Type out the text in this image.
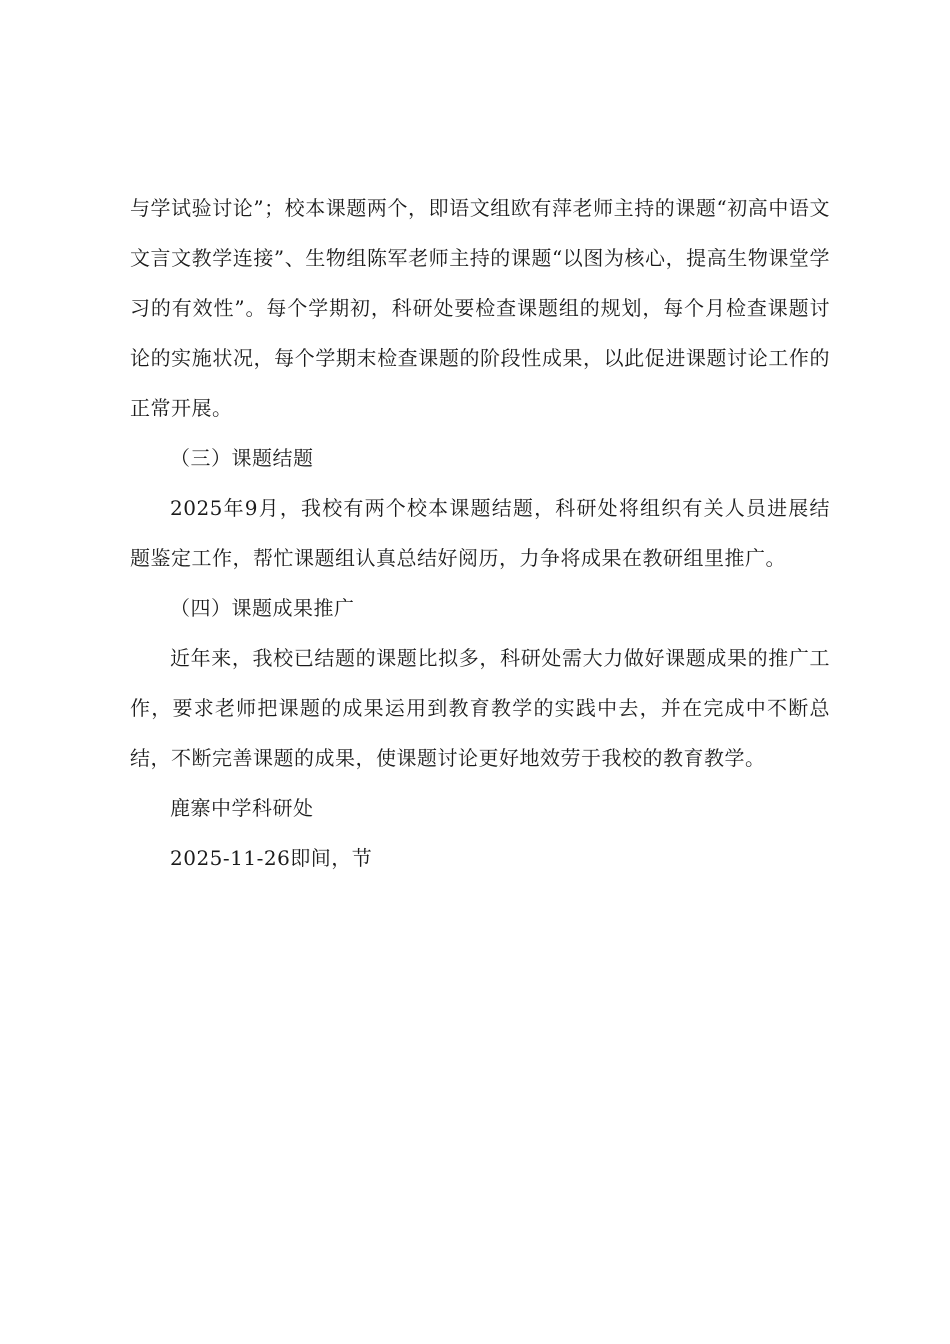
与学试验讨论”；校本课题两个，即语文组欧有萍老师主持的课题“初高中语文文言文教学连接”、生物组陈军老师主持的课题“以图为核心，提高生物课堂学习的有效性”。每个学期初，科研处要检查课题组的规划，每个月检查课题讨论的实施状况，每个学期末检查课题的阶段性成果，以此促进课题讨论工作的正常开展。

（三）课题结题

2025年9月，我校有两个校本课题结题，科研处将组织有关人员进展结题鉴定工作，帮忙课题组认真总结好阅历，力争将成果在教研组里推广。

（四）课题成果推广

近年来，我校已结题的课题比拟多，科研处需大力做好课题成果的推广工作，要求老师把课题的成果运用到教育教学的实践中去，并在完成中不断总结，不断完善课题的成果，使课题讨论更好地效劳于我校的教育教学。

鹿寨中学科研处

2025-11-26即间，节
